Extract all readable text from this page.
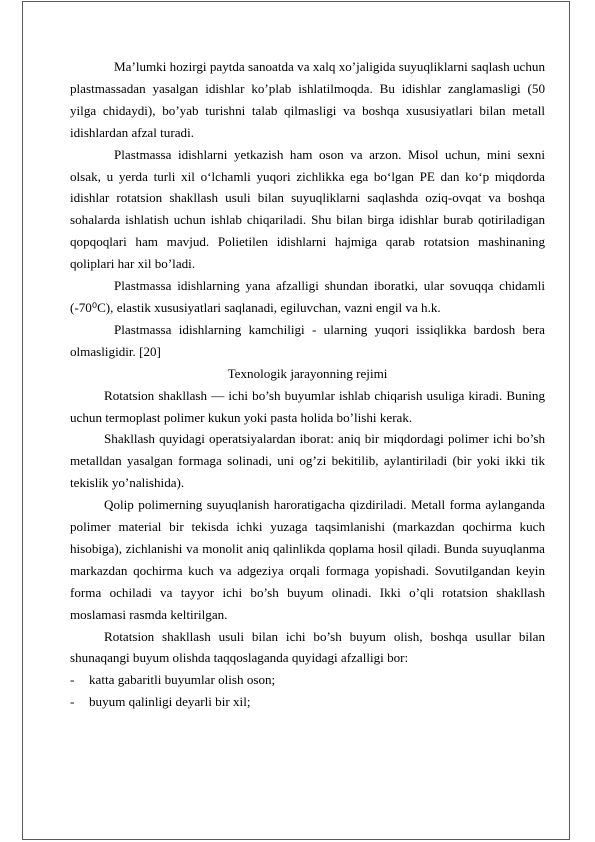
Ma’lumki hozirgi paytda sanoatda va xalq xo’jaligida suyuqliklarni saqlash uchun plastmassadan yasalgan idishlar ko’plab ishlatilmoqda. Bu idishlar zanglamasligi (50 yilga chidaydi), bo’yab turishni talab qilmasligi va boshqa xususiyatlari bilan metall idishlardan afzal turadi.

Plastmassa idishlarni yetkazish ham oson va arzon. Misol uchun, mini sexni olsak, u yerda turli xil o‘lchamli yuqori zichlikka ega bo‘lgan PE dan ko‘p miqdorda idishlar rotatsion shakllash usuli bilan suyuqliklarni saqlashda oziq-ovqat va boshqa sohalarda ishlatish uchun ishlab chiqariladi. Shu bilan birga idishlar burab qotiriladigan qopqoqlari ham mavjud. Polietilen idishlarni hajmiga qarab rotatsion mashinaning qoliplari har xil bo’ladi.

Plastmassa idishlarning yana afzalligi shundan iboratki, ular sovuqqa chidamli (-70⁰C), elastik xususiyatlari saqlanadi, egiluvchan, vazni engil va h.k.

Plastmassa idishlarning kamchiligi - ularning yuqori issiqlikka bardosh bera olmasligidir. [20]

Texnologik jarayonning rejimi

Rotatsion shakllash — ichi bo’sh buyumlar ishlab chiqarish usuliga kiradi. Buning uchun termoplast polimer kukun yoki pasta holida bo’lishi kerak.

Shakllash quyidagi operatsiyalardan iborat: aniq bir miqdordagi polimer ichi bo’sh metalldan yasalgan formaga solinadi, uni og’zi bekitilib, aylantiriladi (bir yoki ikki tik tekislik yo’nalishida).

Qolip polimerning suyuqlanish haroratigacha qizdiriladi. Metall forma aylanganda polimer material bir tekisda ichki yuzaga taqsimlanishi (markazdan qochirma kuch hisobiga), zichlanishi va monolit aniq qalinlikda qoplama hosil qiladi. Bunda suyuqlanma markazdan qochirma kuch va adgeziya orqali formaga yopishadi. Sovutilgandan keyin forma ochiladi va tayyor ichi bo’sh buyum olinadi. Ikki o’qli rotatsion shakllash moslamasi rasmda keltirilgan.

Rotatsion shakllash usuli bilan ichi bo’sh buyum olish, boshqa usullar bilan shunaqangi buyum olishda taqqoslaganda quyidagi afzalligi bor:

- katta gabaritli buyumlar olish oson;

- buyum qalinligi deyarli bir xil;
